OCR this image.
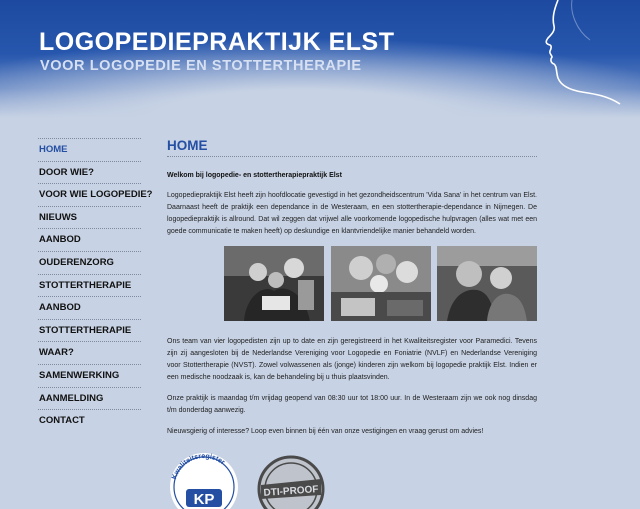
LOGOPEDIEPRAKTIJK ELST
VOOR LOGOPEDIE EN STOTTERTHERAPIE
HOME
DOOR WIE?
VOOR WIE LOGOPEDIE?
NIEUWS
AANBOD
OUDERENZORG
STOTTERTHERAPIE
AANBOD
STOTTERTHERAPIE
WAAR?
SAMENWERKING
AANMELDING
CONTACT
HOME

Welkom bij logopedie- en stottertherapiepraktijk Elst

Logopediepraktijk Elst heeft zijn hoofdlocatie gevestigd in het gezondheidscentrum 'Vida Sana' in het centrum van Elst. Daarnaast heeft de praktijk een dependance in de Westeraam, en een stottertherapie-dependance in Nijmegen. De logopediepraktijk is allround. Dat wil zeggen dat vrijwel alle voorkomende logopedische hulpvragen (alles wat met een goede communicatie te maken heeft) op deskundige en klantvriendelijke manier behandeld worden.

Ons team van vier logopedisten zijn up to date en zijn geregistreerd in het Kwaliteitsregister voor Paramedici. Tevens zijn zij aangesloten bij de Nederlandse Vereniging voor Logopedie en Foniatrie (NVLF) en Nederlandse Vereniging voor Stottertherapie (NVST). Zowel volwassenen als (jonge) kinderen zijn welkom bij logopedie praktijk Elst. Indien er een medische noodzaak is, kan de behandeling bij u thuis plaatsvinden.

Onze praktijk is maandag t/m vrijdag geopend van 08:30 uur tot 18:00 uur. In de Westeraam zijn we ook nog dinsdag t/m donderdag aanwezig.

Nieuwsgierig of interesse? Loop even binnen bij één van onze vestigingen en vraag gerust om advies!

Kwaliteitsregister
KP	DTI-PROOF
